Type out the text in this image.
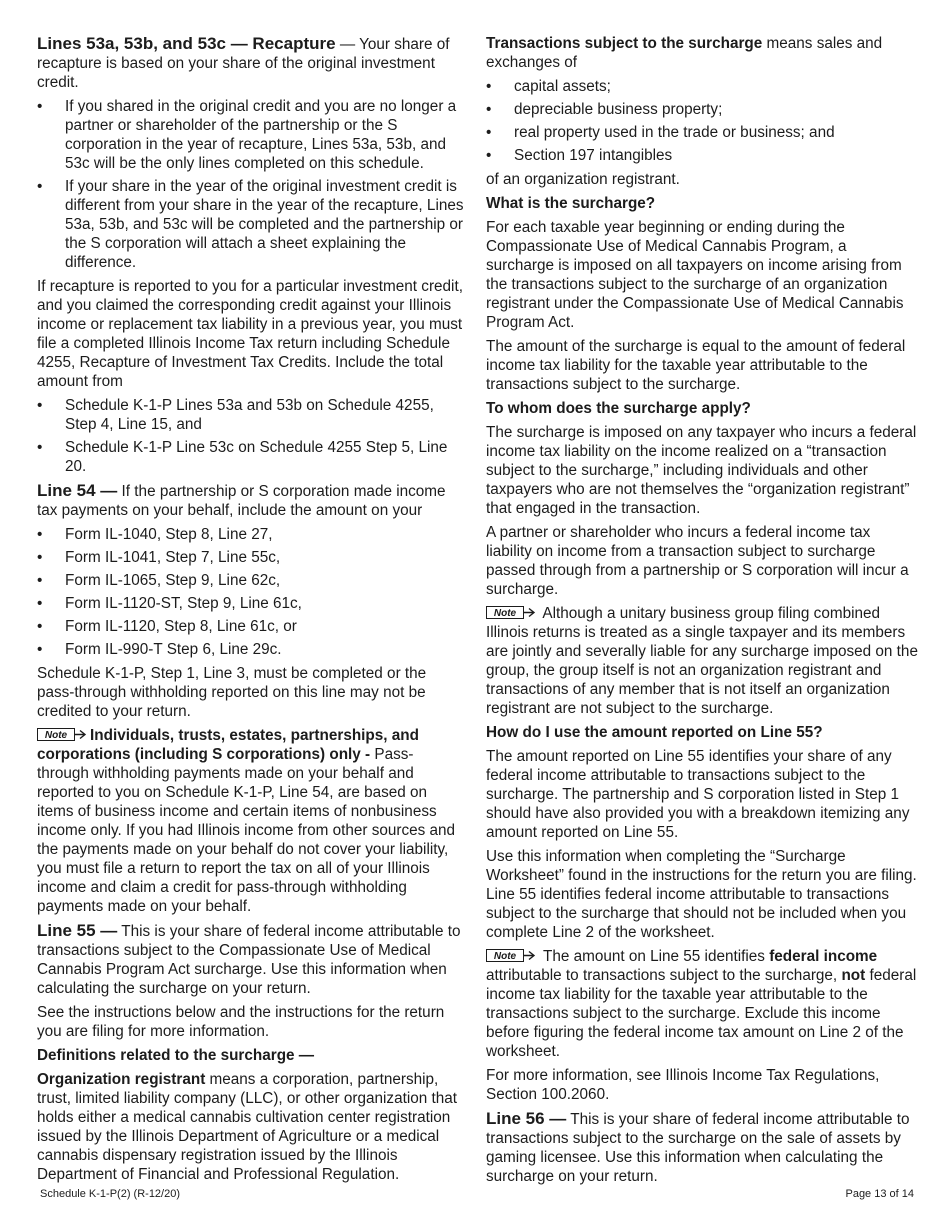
Lines 53a, 53b, and 53c — Recapture — Your share of recapture is based on your share of the original investment credit.

• If you shared in the original credit and you are no longer a partner or shareholder of the partnership or the S corporation in the year of recapture, Lines 53a, 53b, and 53c will be the only lines completed on this schedule.
• If your share in the year of the original investment credit is different from your share in the year of the recapture, Lines 53a, 53b, and 53c will be completed and the partnership or the S corporation will attach a sheet explaining the difference.

If recapture is reported to you for a particular investment credit, and you claimed the corresponding credit against your Illinois income or replacement tax liability in a previous year, you must file a completed Illinois Income Tax return including Schedule 4255, Recapture of Investment Tax Credits. Include the total amount from

• Schedule K-1-P Lines 53a and 53b on Schedule 4255, Step 4, Line 15, and
• Schedule K-1-P Line 53c on Schedule 4255 Step 5, Line 20.

Line 54 — If the partnership or S corporation made income tax payments on your behalf, include the amount on your

• Form IL-1040, Step 8, Line 27,
• Form IL-1041, Step 7, Line 55c,
• Form IL-1065, Step 9, Line 62c,
• Form IL-1120-ST, Step 9, Line 61c,
• Form IL-1120, Step 8, Line 61c, or
• Form IL-990-T Step 6, Line 29c.

Schedule K-1-P, Step 1, Line 3, must be completed or the pass-through withholding reported on this line may not be credited to your return.

Note Individuals, trusts, estates, partnerships, and corporations (including S corporations) only - Pass-through withholding payments made on your behalf and reported to you on Schedule K-1-P, Line 54, are based on items of business income and certain items of nonbusiness income only. If you had Illinois income from other sources and the payments made on your behalf do not cover your liability, you must file a return to report the tax on all of your Illinois income and claim a credit for pass-through withholding payments made on your behalf.

Line 55 — This is your share of federal income attributable to transactions subject to the Compassionate Use of Medical Cannabis Program Act surcharge. Use this information when calculating the surcharge on your return.

See the instructions below and the instructions for the return you are filing for more information.

Definitions related to the surcharge —

Organization registrant means a corporation, partnership, trust, limited liability company (LLC), or other organization that holds either a medical cannabis cultivation center registration issued by the Illinois Department of Agriculture or a medical cannabis dispensary registration issued by the Illinois Department of Financial and Professional Regulation.

Transactions subject to the surcharge means sales and exchanges of

• capital assets;
• depreciable business property;
• real property used in the trade or business; and
• Section 197 intangibles

of an organization registrant.

What is the surcharge?

For each taxable year beginning or ending during the Compassionate Use of Medical Cannabis Program, a surcharge is imposed on all taxpayers on income arising from the transactions subject to the surcharge of an organization registrant under the Compassionate Use of Medical Cannabis Program Act.

The amount of the surcharge is equal to the amount of federal income tax liability for the taxable year attributable to the transactions subject to the surcharge.

To whom does the surcharge apply?

The surcharge is imposed on any taxpayer who incurs a federal income tax liability on the income realized on a “transaction subject to the surcharge,” including individuals and other taxpayers who are not themselves the “organization registrant” that engaged in the transaction.

A partner or shareholder who incurs a federal income tax liability on income from a transaction subject to surcharge passed through from a partnership or S corporation will incur a surcharge.

Note Although a unitary business group filing combined Illinois returns is treated as a single taxpayer and its members are jointly and severally liable for any surcharge imposed on the group, the group itself is not an organization registrant and transactions of any member that is not itself an organization registrant are not subject to the surcharge.

How do I use the amount reported on Line 55?

The amount reported on Line 55 identifies your share of any federal income attributable to transactions subject to the surcharge. The partnership and S corporation listed in Step 1 should have also provided you with a breakdown itemizing any amount reported on Line 55.

Use this information when completing the “Surcharge Worksheet” found in the instructions for the return you are filing. Line 55 identifies federal income attributable to transactions subject to the surcharge that should not be included when you complete Line 2 of the worksheet.

Note The amount on Line 55 identifies federal income attributable to transactions subject to the surcharge, not federal income tax liability for the taxable year attributable to the transactions subject to the surcharge. Exclude this income before figuring the federal income tax amount on Line 2 of the worksheet.

For more information, see Illinois Income Tax Regulations, Section 100.2060.

Line 56 — This is your share of federal income attributable to transactions subject to the surcharge on the sale of assets by gaming licensee. Use this information when calculating the surcharge on your return.

Schedule K-1-P(2) (R-12/20)	Page 13 of 14
